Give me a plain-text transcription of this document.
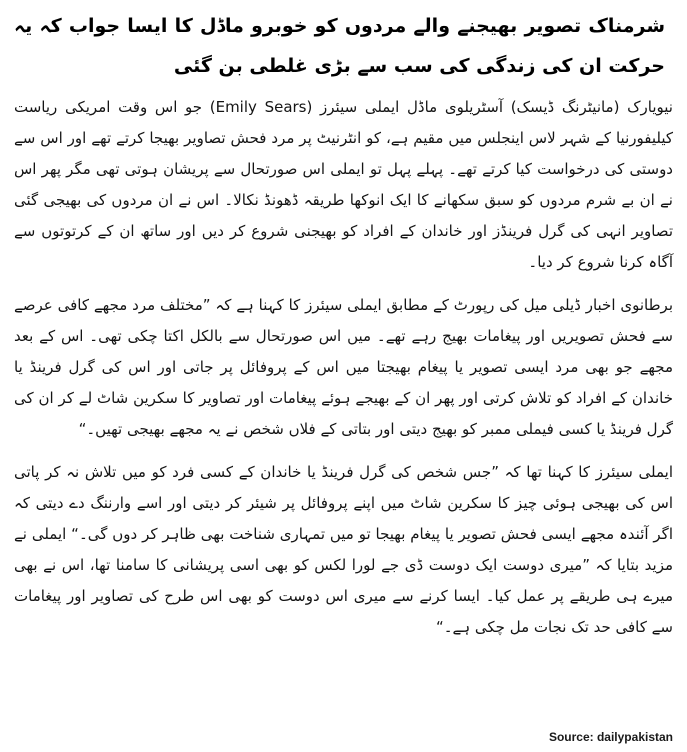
شرمناک تصویر بھیجنے والے مردوں کو خوبرو ماڈل کا ایسا جواب کہ یہ حرکت ان کی زندگی کی سب سے بڑی غلطی بن گئی

نیویارک (مانیٹرنگ ڈیسک) آسٹریلوی ماڈل ایملی سیئرز (Emily Sears) جو اس وقت امریکی ریاست کیلیفورنیا کے شہر لاس اینجلس میں مقیم ہے، کو انٹرنیٹ پر مرد فحش تصاویر بھیجا کرتے تھے اور اس سے دوستی کی درخواست کیا کرتے تھے۔ پہلے پہل تو ایملی اس صورتحال سے پریشان ہوتی تھی مگر پھر اس نے ان بے شرم مردوں کو سبق سکھانے کا ایک انوکھا طریقہ ڈھونڈ نکالا۔ اس نے ان مردوں کی بھیجی گئی تصاویر انہی کی گرل فرینڈز اور خاندان کے افراد کو بھیجنی شروع کر دیں اور ساتھ ان کے کرتوتوں سے آگاہ کرنا شروع کر دیا۔

برطانوی اخبار ڈیلی میل کی رپورٹ کے مطابق ایملی سیئرز کا کہنا ہے کہ ”مختلف مرد مجھے کافی عرصے سے فحش تصویریں اور پیغامات بھیج رہے تھے۔ میں اس صورتحال سے بالکل اکتا چکی تھی۔ اس کے بعد مجھے جو بھی مرد ایسی تصویر یا پیغام بھیجتا میں اس کے پروفائل پر جاتی اور اس کی گرل فرینڈ یا خاندان کے افراد کو تلاش کرتی اور پھر ان کے بھیجے ہوئے پیغامات اور تصاویر کا سکرین شاٹ لے کر ان کی گرل فرینڈ یا کسی فیملی ممبر کو بھیج دیتی اور بتاتی کے فلاں شخص نے یہ مجھے بھیجی تھیں۔“

ایملی سیئرز کا کہنا تھا کہ ”جس شخص کی گرل فرینڈ یا خاندان کے کسی فرد کو میں تلاش نہ کر پاتی اس کی بھیجی ہوئی چیز کا سکرین شاٹ میں اپنے پروفائل پر شیئر کر دیتی اور اسے وارننگ دے دیتی کہ اگر آئندہ مجھے ایسی فحش تصویر یا پیغام بھیجا تو میں تمہاری شناخت بھی ظاہر کر دوں گی۔“ ایملی نے مزید بتایا کہ ”میری دوست ایک دوست ڈی جے لورا لکس کو بھی اسی پریشانی کا سامنا تھا، اس نے بھی میرے ہی طریقے پر عمل کیا۔ ایسا کرنے سے میری اس دوست کو بھی اس طرح کی تصاویر اور پیغامات سے کافی حد تک نجات مل چکی ہے۔“

Source: dailypakistan
